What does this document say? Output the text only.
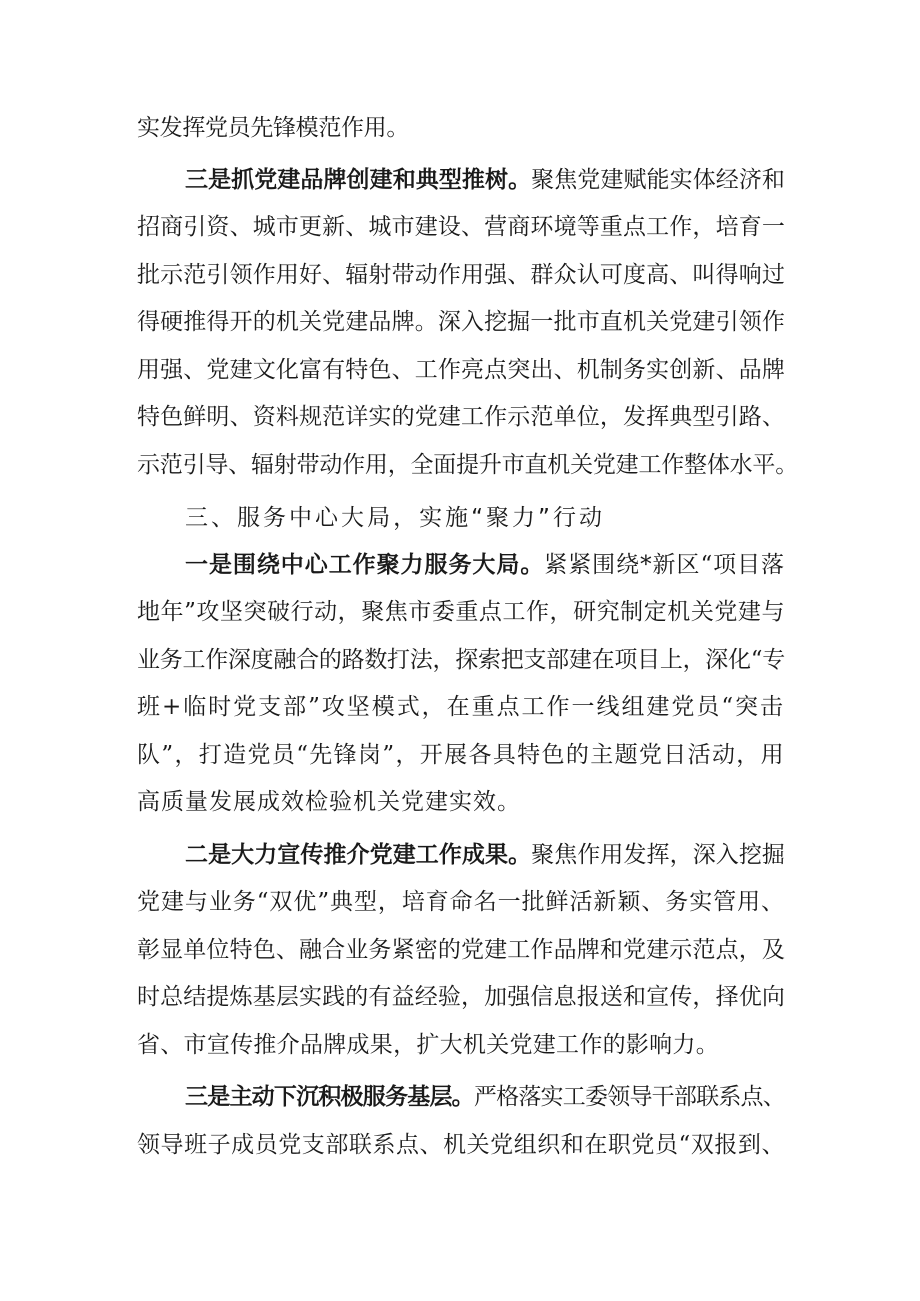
实发挥党员先锋模范作用。
三是抓党建品牌创建和典型推树。聚焦党建赋能实体经济和
招商引资、城市更新、城市建设、营商环境等重点工作，培育一
批示范引领作用好、辐射带动作用强、群众认可度高、叫得响过
得硬推得开的机关党建品牌。深入挖掘一批市直机关党建引领作
用强、党建文化富有特色、工作亮点突出、机制务实创新、品牌
特色鲜明、资料规范详实的党建工作示范单位，发挥典型引路、
示范引导、辐射带动作用，全面提升市直机关党建工作整体水平。
三、服务中心大局，实施“聚力”行动
一是围绕中心工作聚力服务大局。紧紧围绕*新区“项目落
地年”攻坚突破行动，聚焦市委重点工作，研究制定机关党建与
业务工作深度融合的路数打法，探索把支部建在项目上，深化“专
班+临时党支部”攻坚模式，在重点工作一线组建党员“突击
队”，打造党员“先锋岗”，开展各具特色的主题党日活动，用
高质量发展成效检验机关党建实效。
二是大力宣传推介党建工作成果。聚焦作用发挥，深入挖掘
党建与业务“双优”典型，培育命名一批鲜活新颖、务实管用、
彰显单位特色、融合业务紧密的党建工作品牌和党建示范点，及
时总结提炼基层实践的有益经验，加强信息报送和宣传，择优向
省、市宣传推介品牌成果，扩大机关党建工作的影响力。
三是主动下沉积极服务基层。严格落实工委领导干部联系点、
领导班子成员党支部联系点、机关党组织和在职党员“双报到、
